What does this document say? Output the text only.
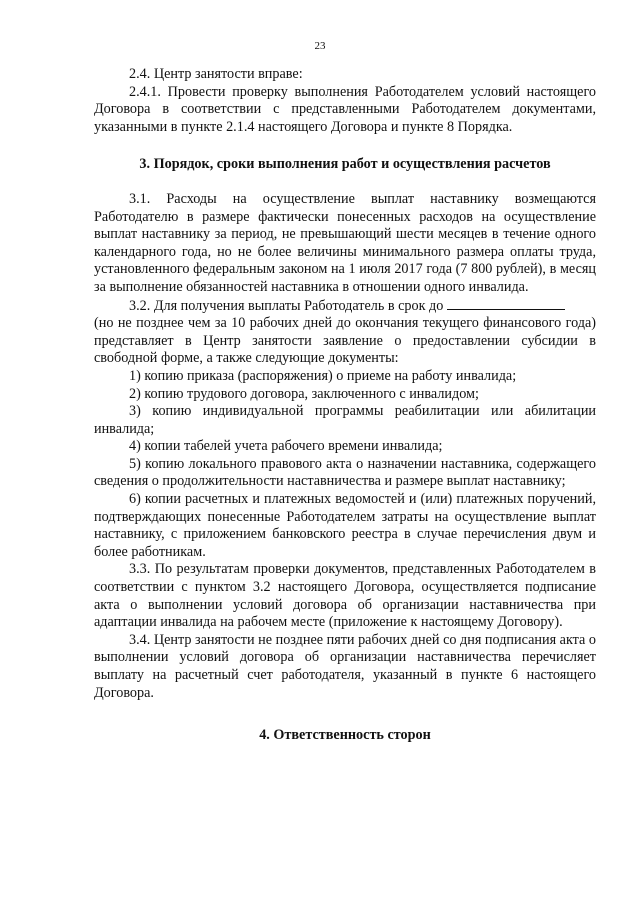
23

2.4. Центр занятости вправе:

2.4.1. Провести проверку выполнения Работодателем условий настоящего Договора в соответствии с представленными Работодателем документами, указанными в пункте 2.1.4 настоящего Договора и пункте 8 Порядка.

3. Порядок, сроки выполнения работ и осуществления расчетов

3.1. Расходы на осуществление выплат наставнику возмещаются Работодателю в размере фактически понесенных расходов на осуществление выплат наставнику за период, не превышающий шести месяцев в течение одного календарного года, но не более величины минимального размера оплаты труда, установленного федеральным законом на 1 июля 2017 года (7 800 рублей), в месяц за выполнение обязанностей наставника в отношении одного инвалида.

3.2. Для получения выплаты Работодатель в срок до

(но не позднее чем за 10 рабочих дней до окончания текущего финансового года) представляет в Центр занятости заявление о предоставлении субсидии в свободной форме, а также следующие документы:

1) копию приказа (распоряжения) о приеме на работу инвалида;

2) копию трудового договора, заключенного с инвалидом;

3) копию индивидуальной программы реабилитации или абилитации инвалида;

4) копии табелей учета рабочего времени инвалида;

5) копию локального правового акта о назначении наставника, содержащего сведения о продолжительности наставничества и размере выплат наставнику;

6) копии расчетных и платежных ведомостей и (или) платежных поручений, подтверждающих понесенные Работодателем затраты на осуществление выплат наставнику, с приложением банковского реестра в случае перечисления двум и более работникам.

3.3. По результатам проверки документов, представленных Работодателем в соответствии с пунктом 3.2 настоящего Договора, осуществляется подписание акта о выполнении условий договора об организации наставничества при адаптации инвалида на рабочем месте (приложение к настоящему Договору).

3.4. Центр занятости не позднее пяти рабочих дней со дня подписания акта о выполнении условий договора об организации наставничества перечисляет выплату на расчетный счет работодателя, указанный в пункте 6 настоящего Договора.

4. Ответственность сторон
